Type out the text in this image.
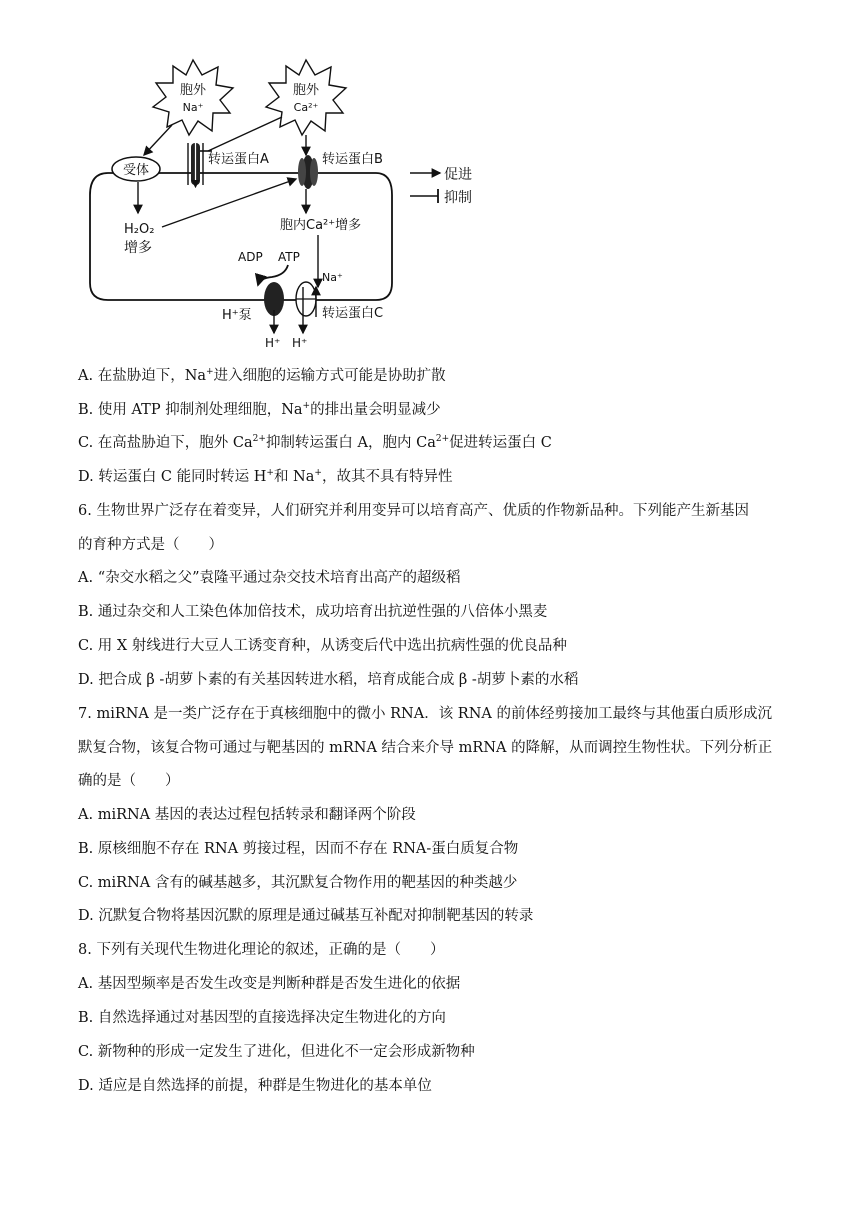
胞外
Na⁺
胞外
Ca²⁺
受体
H₂O₂
增多
转运蛋白A	转运蛋白B
胞内Ca²⁺增多
促进
抑制
ADP ATP
Na⁺
H⁺泵	转运蛋白C
H⁺ H⁺
A. 在盐胁迫下，Na+进入细胞的运输方式可能是协助扩散
B. 使用 ATP 抑制剂处理细胞，Na+的排出量会明显减少
C. 在高盐胁迫下，胞外 $Ca^{2+}$抑制转运蛋白 A，胞内 $Ca^{2+}$促进转运蛋白 C
D. 转运蛋白 C 能同时转运 H+和 Na+，故其不具有特异性
6. 生物世界广泛存在着变异，人们研究并利用变异可以培育高产、优质的作物新品种。下列能产生新基因
的育种方式是（　　）
A. “杂交水稻之父”袁隆平通过杂交技术培育出高产的超级稻
B. 通过杂交和人工染色体加倍技术，成功培育出抗逆性强的八倍体小黑麦
C. 用 X 射线进行大豆人工诱变育种，从诱变后代中选出抗病性强的优良品种
D. 把合成 β -胡萝卜素的有关基因转进水稻，培育成能合成 β -胡萝卜素的水稻
7. miRNA 是一类广泛存在于真核细胞中的微小 RNA．该 RNA 的前体经剪接加工最终与其他蛋白质形成沉
默复合物，该复合物可通过与靶基因的 mRNA 结合来介导 mRNA 的降解，从而调控生物性状。下列分析正
确的是（　　）
A. miRNA 基因的表达过程包括转录和翻译两个阶段
B. 原核细胞不存在 RNA 剪接过程，因而不存在 RNA-蛋白质复合物
C. miRNA 含有的碱基越多，其沉默复合物作用的靶基因的种类越少
D. 沉默复合物将基因沉默的原理是通过碱基互补配对抑制靶基因的转录
8. 下列有关现代生物进化理论的叙述，正确的是（　　）
A. 基因型频率是否发生改变是判断种群是否发生进化的依据
B. 自然选择通过对基因型的直接选择决定生物进化的方向
C. 新物种的形成一定发生了进化，但进化不一定会形成新物种
D. 适应是自然选择的前提，种群是生物进化的基本单位
